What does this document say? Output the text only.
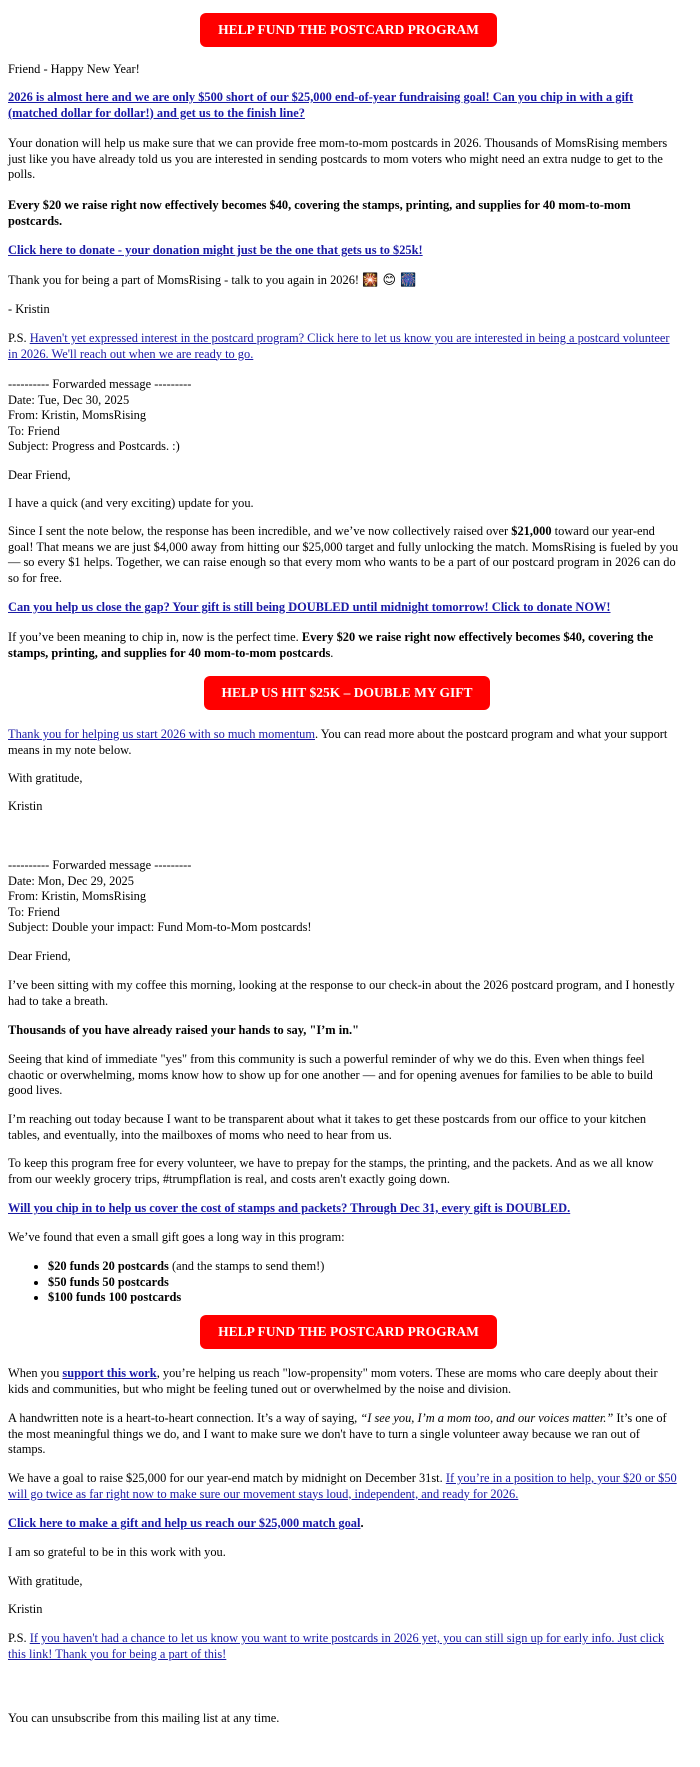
HELP FUND THE POSTCARD PROGRAM

Friend - Happy New Year!

2026 is almost here and we are only $500 short of our $25,000 end-of-year fundraising goal! Can you chip in with a gift (matched dollar for dollar!) and get us to the finish line?

Your donation will help us make sure that we can provide free mom-to-mom postcards in 2026. Thousands of MomsRising members just like you have already told us you are interested in sending postcards to mom voters who might need an extra nudge to get to the polls.

Every $20 we raise right now effectively becomes $40, covering the stamps, printing, and supplies for 40 mom-to-mom postcards.

Click here to donate - your donation might just be the one that gets us to $25k!

Thank you for being a part of MomsRising - talk to you again in 2026! 🎇 😊 🎆

- Kristin

P.S. Haven't yet expressed interest in the postcard program? Click here to let us know you are interested in being a postcard volunteer in 2026. We'll reach out when we are ready to go.

---------- Forwarded message ---------
Date: Tue, Dec 30, 2025
From: Kristin, MomsRising
To: Friend
Subject: Progress and Postcards. :)

Dear Friend,

I have a quick (and very exciting) update for you.

Since I sent the note below, the response has been incredible, and we’ve now collectively raised over $21,000 toward our year-end goal! That means we are just $4,000 away from hitting our $25,000 target and fully unlocking the match. MomsRising is fueled by you — so every $1 helps. Together, we can raise enough so that every mom who wants to be a part of our postcard program in 2026 can do so for free.

Can you help us close the gap? Your gift is still being DOUBLED until midnight tomorrow! Click to donate NOW!

If you’ve been meaning to chip in, now is the perfect time. Every $20 we raise right now effectively becomes $40, covering the stamps, printing, and supplies for 40 mom-to-mom postcards.

HELP US HIT $25K – DOUBLE MY GIFT

Thank you for helping us start 2026 with so much momentum. You can read more about the postcard program and what your support means in my note below.

With gratitude,

Kristin

---------- Forwarded message ---------
Date: Mon, Dec 29, 2025
From: Kristin, MomsRising
To: Friend
Subject: Double your impact: Fund Mom-to-Mom postcards!

Dear Friend,

I’ve been sitting with my coffee this morning, looking at the response to our check-in about the 2026 postcard program, and I honestly had to take a breath.

Thousands of you have already raised your hands to say, "I’m in."

Seeing that kind of immediate "yes" from this community is such a powerful reminder of why we do this. Even when things feel chaotic or overwhelming, moms know how to show up for one another — and for opening avenues for families to be able to build good lives.

I’m reaching out today because I want to be transparent about what it takes to get these postcards from our office to your kitchen tables, and eventually, into the mailboxes of moms who need to hear from us.

To keep this program free for every volunteer, we have to prepay for the stamps, the printing, and the packets. And as we all know from our weekly grocery trips, #trumpflation is real, and costs aren't exactly going down.

Will you chip in to help us cover the cost of stamps and packets? Through Dec 31, every gift is DOUBLED.

We’ve found that even a small gift goes a long way in this program:

• $20 funds 20 postcards (and the stamps to send them!)
• $50 funds 50 postcards
• $100 funds 100 postcards
HELP FUND THE POSTCARD PROGRAM

When you support this work, you’re helping us reach "low-propensity" mom voters. These are moms who care deeply about their kids and communities, but who might be feeling tuned out or overwhelmed by the noise and division.

A handwritten note is a heart-to-heart connection. It’s a way of saying, “I see you, I’m a mom too, and our voices matter.” It’s one of the most meaningful things we do, and I want to make sure we don't have to turn a single volunteer away because we ran out of stamps.

We have a goal to raise $25,000 for our year-end match by midnight on December 31st. If you’re in a position to help, your $20 or $50 will go twice as far right now to make sure our movement stays loud, independent, and ready for 2026.

Click here to make a gift and help us reach our $25,000 match goal.

I am so grateful to be in this work with you.

With gratitude,

Kristin

P.S. If you haven't had a chance to let us know you want to write postcards in 2026 yet, you can still sign up for early info. Just click this link! Thank you for being a part of this!

You can unsubscribe from this mailing list at any time.
